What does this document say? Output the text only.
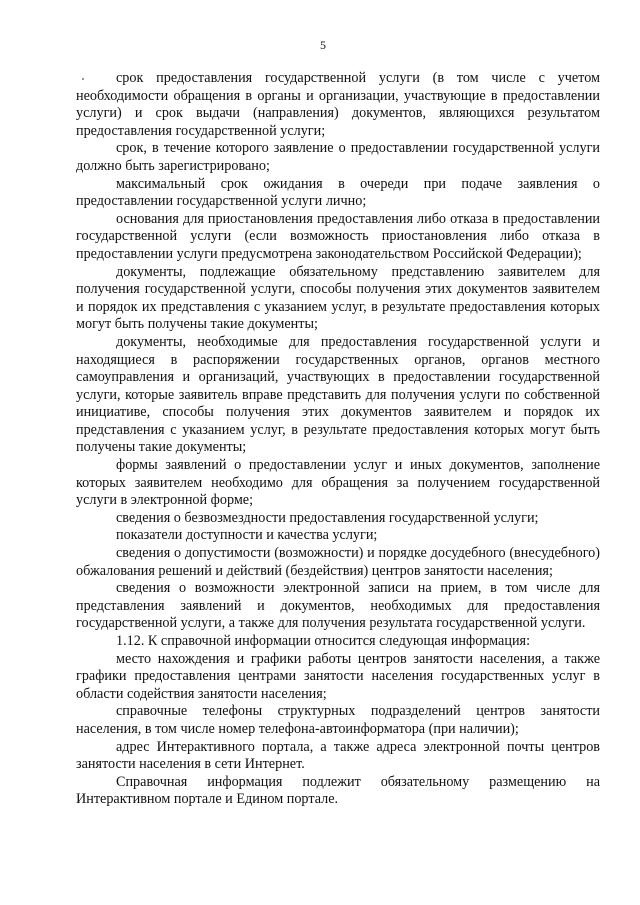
5

срок предоставления государственной услуги (в том числе с учетом необходимости обращения в органы и организации, участвующие в предоставлении услуги) и срок выдачи (направления) документов, являющихся результатом предоставления государственной услуги;

срок, в течение которого заявление о предоставлении государственной услуги должно быть зарегистрировано;

максимальный срок ожидания в очереди при подаче заявления о предоставлении государственной услуги лично;

основания для приостановления предоставления либо отказа в предоставлении государственной услуги (если возможность приостановления либо отказа в предоставлении услуги предусмотрена законодательством Российской Федерации);

документы, подлежащие обязательному представлению заявителем для получения государственной услуги, способы получения этих документов заявителем и порядок их представления с указанием услуг, в результате предоставления которых могут быть получены такие документы;

документы, необходимые для предоставления государственной услуги и находящиеся в распоряжении государственных органов, органов местного самоуправления и организаций, участвующих в предоставлении государственной услуги, которые заявитель вправе представить для получения услуги по собственной инициативе, способы получения этих документов заявителем и порядок их представления с указанием услуг, в результате предоставления которых могут быть получены такие документы;

формы заявлений о предоставлении услуг и иных документов, заполнение которых заявителем необходимо для обращения за получением государственной услуги в электронной форме;

сведения о безвозмездности предоставления государственной услуги;

показатели доступности и качества услуги;

сведения о допустимости (возможности) и порядке досудебного (внесудебного) обжалования решений и действий (бездействия) центров занятости населения;

сведения о возможности электронной записи на прием, в том числе для представления заявлений и документов, необходимых для предоставления государственной услуги, а также для получения результата государственной услуги.

1.12. К справочной информации относится следующая информация:

место нахождения и графики работы центров занятости населения, а также графики предоставления центрами занятости населения государственных услуг в области содействия занятости населения;

справочные телефоны структурных подразделений центров занятости населения, в том числе номер телефона-автоинформатора (при наличии);

адрес Интерактивного портала, а также адреса электронной почты центров занятости населения в сети Интернет.

Справочная информация подлежит обязательному размещению на Интерактивном портале и Едином портале.
